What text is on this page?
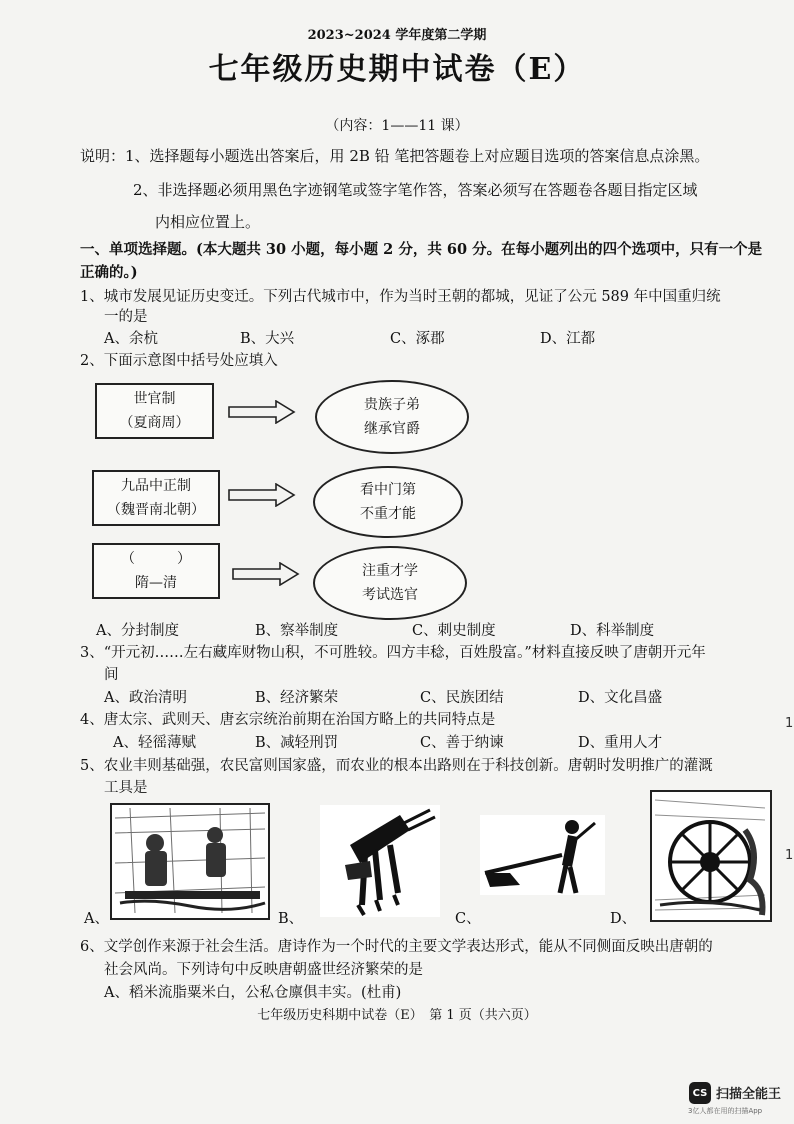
2023~2024 学年度第二学期
七年级历史期中试卷（E）
（内容：1——11 课）
说明：1、选择题每小题选出答案后，用 2B 铅 笔把答题卷上对应题目选项的答案信息点涂黑。
2、非选择题必须用黑色字迹钢笔或签字笔作答，答案必须写在答题卷各题目指定区域
内相应位置上。
一、单项选择题。(本大题共 30 小题，每小题 2 分，共 60 分。在每小题列出的四个选项中，只有一个是
正确的。)
1、城市发展见证历史变迁。下列古代城市中，作为当时王朝的都城，见证了公元 589 年中国重归统
一的是
A、余杭	B、大兴	C、涿郡	D、江都
2、下面示意图中括号处应填入
世官制
（夏商周）
贵族子弟
继承官爵
九品中正制
（魏晋南北朝）
看中门第
不重才能
（　　　）
隋—清
注重才学
考试选官
A、分封制度	B、察举制度	C、刺史制度	D、科举制度
3、“开元初……左右藏库财物山积，不可胜较。四方丰稔，百姓殷富。”材料直接反映了唐朝开元年
间
A、政治清明	B、经济繁荣	C、民族团结	D、文化昌盛
4、唐太宗、武则天、唐玄宗统治前期在治国方略上的共同特点是
A、轻徭薄赋	B、减轻刑罚	C、善于纳谏	D、重用人才
5、农业丰则基础强，农民富则国家盛，而农业的根本出路则在于科技创新。唐朝时发明推广的灌溉
工具是
A、	B、	C、	D、
6、文学创作来源于社会生活。唐诗作为一个时代的主要文学表达形式，能从不同侧面反映出唐朝的
社会风尚。下列诗句中反映唐朝盛世经济繁荣的是
A、稻米流脂粟米白，公私仓廪俱丰实。(杜甫)
七年级历史科期中试卷（E）　第 1 页（共六页）
1
1
CS 扫描全能王
3亿人都在用的扫描App
